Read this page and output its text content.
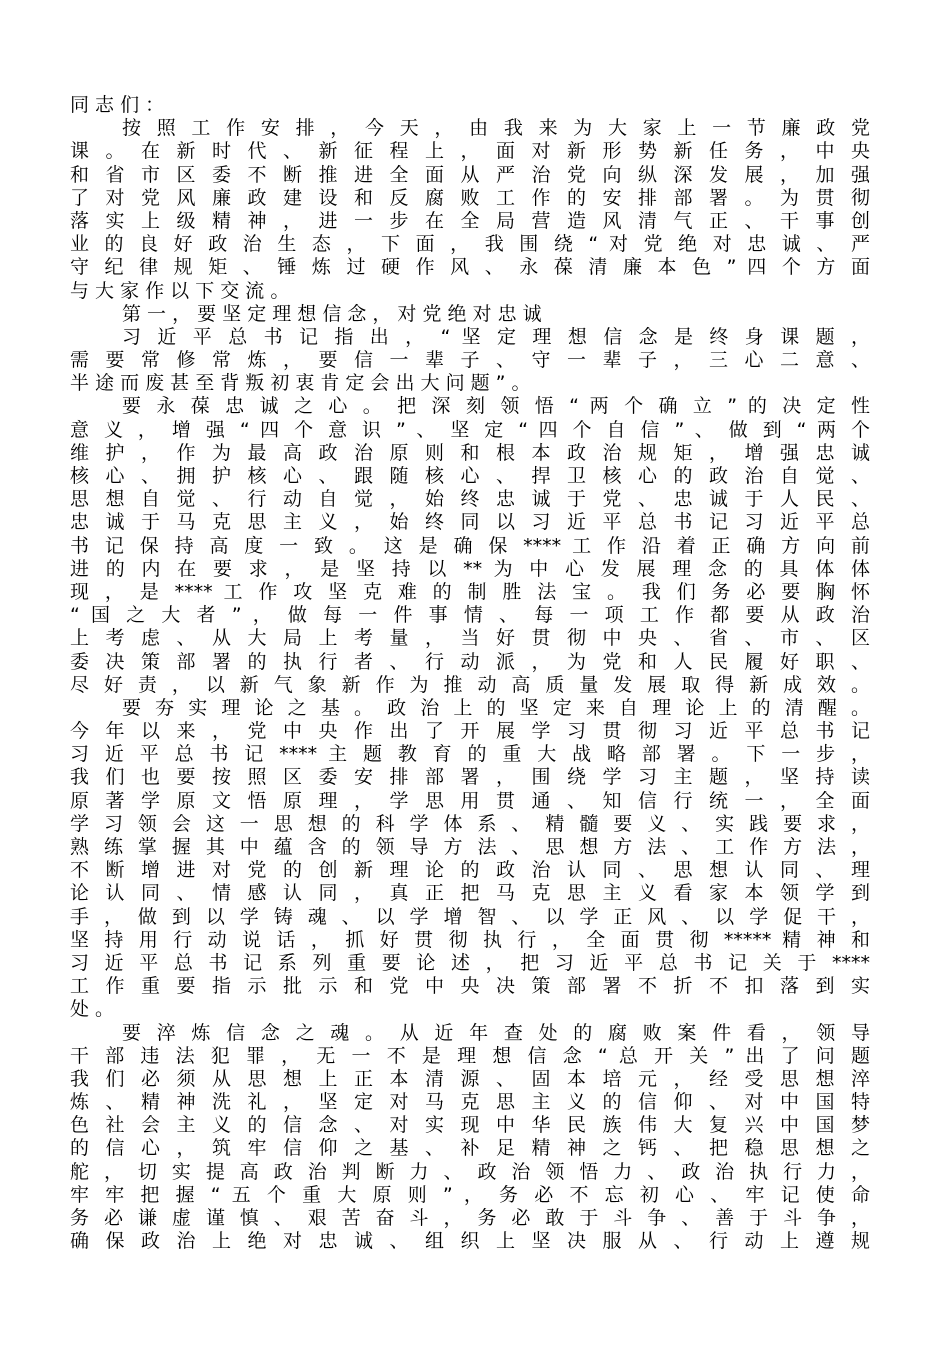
同 志 们 ：
按 照 工 作 安 排 ， 今 天 ， 由 我 来 为 大 家 上 一 节 廉 政 党
课 。 在 新 时 代 、 新 征 程 上 ， 面 对 新 形 势 新 任 务 ， 中 央
和 省 市 区 委 不 断 推 进 全 面 从 严 治 党 向 纵 深 发 展 ， 加 强
了 对 党 风 廉 政 建 设 和 反 腐 败 工 作 的 安 排 部 署 。 为 贯 彻
落 实 上 级 精 神 ， 进 一 步 在 全 局 营 造 风 清 气 正 、 干 事 创
业 的 良 好 政 治 生 态 ， 下 面 ， 我 围 绕 “ 对 党 绝 对 忠 诚 、 严
守 纪 律 规 矩 、 锤 炼 过 硬 作 风 、 永 葆 清 廉 本 色 ” 四 个 方 面
与 大 家 作 以 下 交 流 。
第 一 ， 要 坚 定 理 想 信 念 ， 对 党 绝 对 忠 诚
习 近 平 总 书 记 指 出 ， “ 坚 定 理 想 信 念 是 终 身 课 题 ，
需 要 常 修 常 炼 ， 要 信 一 辈 子 、 守 一 辈 子 ， 三 心 二 意 、
半 途 而 废 甚 至 背 叛 初 衷 肯 定 会 出 大 问 题 ” 。
要 永 葆 忠 诚 之 心 。 把 深 刻 领 悟 “ 两 个 确 立 ” 的 决 定 性
意 义 ， 增 强 “ 四 个 意 识 ” 、 坚 定 “ 四 个 自 信 ” 、 做 到 “ 两 个
维 护 ， 作 为 最 高 政 治 原 则 和 根 本 政 治 规 矩 ， 增 强 忠 诚
核 心 、 拥 护 核 心 、 跟 随 核 心 、 捍 卫 核 心 的 政 治 自 觉 、
思 想 自 觉 、 行 动 自 觉 ， 始 终 忠 诚 于 党 、 忠 诚 于 人 民 、
忠 诚 于 马 克 思 主 义 ， 始 终 同 以 习 近 平 总 书 记 习 近 平 总
书 记 保 持 高 度 一 致 。 这 是 确 保 **** 工 作 沿 着 正 确 方 向 前
进 的 内 在 要 求 ， 是 坚 持 以 ** 为 中 心 发 展 理 念 的 具 体 体
现 ， 是 **** 工 作 攻 坚 克 难 的 制 胜 法 宝 。 我 们 务 必 要 胸 怀
“ 国 之 大 者 ” ， 做 每 一 件 事 情 、 每 一 项 工 作 都 要 从 政 治
上 考 虑 、 从 大 局 上 考 量 ， 当 好 贯 彻 中 央 、 省 、 市 、 区
委 决 策 部 署 的 执 行 者 、 行 动 派 ， 为 党 和 人 民 履 好 职 、
尽 好 责 ， 以 新 气 象 新 作 为 推 动 高 质 量 发 展 取 得 新 成 效 。
要 夯 实 理 论 之 基 。 政 治 上 的 坚 定 来 自 理 论 上 的 清 醒 。
今 年 以 来 ， 党 中 央 作 出 了 开 展 学 习 贯 彻 习 近 平 总 书 记
习 近 平 总 书 记 **** 主 题 教 育 的 重 大 战 略 部 署 。 下 一 步 ，
我 们 也 要 按 照 区 委 安 排 部 署 ， 围 绕 学 习 主 题 ， 坚 持 读
原 著 学 原 文 悟 原 理 ， 学 思 用 贯 通 、 知 信 行 统 一 ， 全 面
学 习 领 会 这 一 思 想 的 科 学 体 系 、 精 髓 要 义 、 实 践 要 求 ，
熟 练 掌 握 其 中 蕴 含 的 领 导 方 法 、 思 想 方 法 、 工 作 方 法 ，
不 断 增 进 对 党 的 创 新 理 论 的 政 治 认 同 、 思 想 认 同 、 理
论 认 同 、 情 感 认 同 ， 真 正 把 马 克 思 主 义 看 家 本 领 学 到
手 ， 做 到 以 学 铸 魂 、 以 学 增 智 、 以 学 正 风 、 以 学 促 干 ，
坚 持 用 行 动 说 话 ， 抓 好 贯 彻 执 行 ， 全 面 贯 彻 ***** 精 神 和
习 近 平 总 书 记 系 列 重 要 论 述 ， 把 习 近 平 总 书 记 关 于 ****
工 作 重 要 指 示 批 示 和 党 中 央 决 策 部 署 不 折 不 扣 落 到 实
处 。
要 淬 炼 信 念 之 魂 。 从 近 年 查 处 的 腐 败 案 件 看 ， 领 导
干 部 违 法 犯 罪 ， 无 一 不 是 理 想 信 念 “ 总 开 关 ” 出 了 问 题
我 们 必 须 从 思 想 上 正 本 清 源 、 固 本 培 元 ， 经 受 思 想 淬
炼 、 精 神 洗 礼 ， 坚 定 对 马 克 思 主 义 的 信 仰 、 对 中 国 特
色 社 会 主 义 的 信 念 、 对 实 现 中 华 民 族 伟 大 复 兴 中 国 梦
的 信 心 ， 筑 牢 信 仰 之 基 、 补 足 精 神 之 钙 、 把 稳 思 想 之
舵 ， 切 实 提 高 政 治 判 断 力 、 政 治 领 悟 力 、 政 治 执 行 力 ，
牢 牢 把 握 “ 五 个 重 大 原 则 ” ， 务 必 不 忘 初 心 、 牢 记 使 命
务 必 谦 虚 谨 慎 、 艰 苦 奋 斗 ， 务 必 敢 于 斗 争 、 善 于 斗 争 ，
确 保 政 治 上 绝 对 忠 诚 、 组 织 上 坚 决 服 从 、 行 动 上 遵 规
